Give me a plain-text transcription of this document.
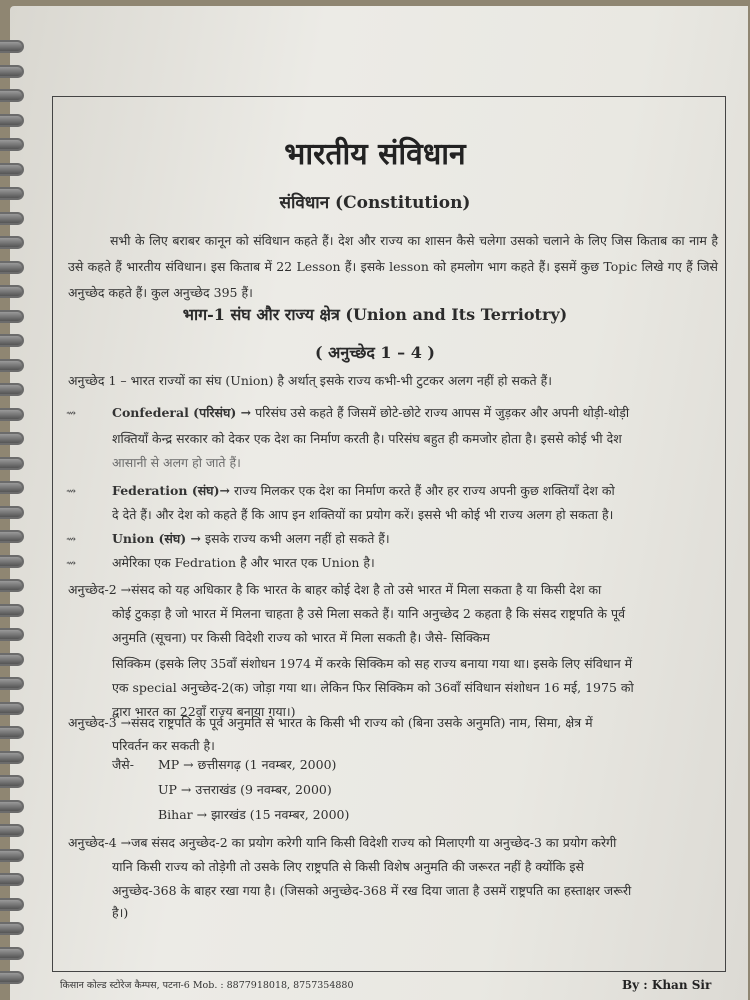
भारतीय संविधान
संविधान (Constitution)
सभी के लिए बराबर कानून को संविधान कहते हैं। देश और राज्य का शासन कैसे चलेगा उसको चलाने के लिए जिस किताब का नाम है उसे कहते हैं भारतीय संविधान। इस किताब में 22 Lesson हैं। इसके lesson को हमलोग भाग कहते हैं। इसमें कुछ Topic लिखे गए हैं जिसे अनुच्छेद कहते हैं। कुल अनुच्छेद 395 हैं।
भाग-1 संघ और राज्य क्षेत्र (Union and Its Terriotry)
( अनुच्छेद 1 – 4 )
अनुच्छेद 1 – भारत राज्यों का संघ (Union) है अर्थात् इसके राज्य कभी-भी टुटकर अलग नहीं हो सकते हैं।
⇝	Confederal (परिसंघ) → परिसंघ उसे कहते हैं जिसमें छोटे-छोटे राज्य आपस में जुड़कर और अपनी थोड़ी-थोड़ी
शक्तियाँ केन्द्र सरकार को देकर एक देश का निर्माण करती है। परिसंघ बहुत ही कमजोर होता है। इससे कोई भी देश
आसानी से अलग हो जाते हैं।
⇝	Federation (संघ)→ राज्य मिलकर एक देश का निर्माण करते हैं और हर राज्य अपनी कुछ शक्तियाँ देश को
दे देते हैं। और देश को कहते हैं कि आप इन शक्तियों का प्रयोग करें। इससे भी कोई भी राज्य अलग हो सकता है।
⇝	Union (संघ) → इसके राज्य कभी अलग नहीं हो सकते हैं।
⇝	अमेरिका एक Fedration है और भारत एक Union है।
अनुच्छेद-2 →संसद को यह अधिकार है कि भारत के बाहर कोई देश है तो उसे भारत में मिला सकता है या किसी देश का
कोई टुकड़ा है जो भारत में मिलना चाहता है उसे मिला सकते हैं। यानि अनुच्छेद 2 कहता है कि संसद राष्ट्रपति के पूर्व
अनुमति (सूचना) पर किसी विदेशी राज्य को भारत में मिला सकती है। जैसे- सिक्किम
सिक्किम (इसके लिए 35वाँ संशोधन 1974 में करके सिक्किम को सह राज्य बनाया गया था। इसके लिए संविधान में
एक special अनुच्छेद-2(क) जोड़ा गया था। लेकिन फिर सिक्किम को 36वाँ संविधान संशोधन 16 मई, 1975 को
द्वारा भारत का 22वाँ राज्य बनाया गया।)
अनुच्छेद-3 →संसद राष्ट्रपति के पूर्व अनुमति से भारत के किसी भी राज्य को (बिना उसके अनुमति) नाम, सिमा, क्षेत्र में
परिवर्तन कर सकती है।
जैसे- MP → छत्तीसगढ़ (1 नवम्बर, 2000)
UP → उत्तराखंड (9 नवम्बर, 2000)
Bihar → झारखंड (15 नवम्बर, 2000)
अनुच्छेद-4 →जब संसद अनुच्छेद-2 का प्रयोग करेगी यानि किसी विदेशी राज्य को मिलाएगी या अनुच्छेद-3 का प्रयोग करेगी
यानि किसी राज्य को तोड़ेगी तो उसके लिए राष्ट्रपति से किसी विशेष अनुमति की जरूरत नहीं है क्योंकि इसे
अनुच्छेद-368 के बाहर रखा गया है। (जिसको अनुच्छेद-368 में रख दिया जाता है उसमें राष्ट्रपति का हस्ताक्षर जरूरी
है।)
किसान कोल्ड स्टोरेज कैम्पस, पटना-6 Mob. : 8877918018, 8757354880	By : Khan Sir
